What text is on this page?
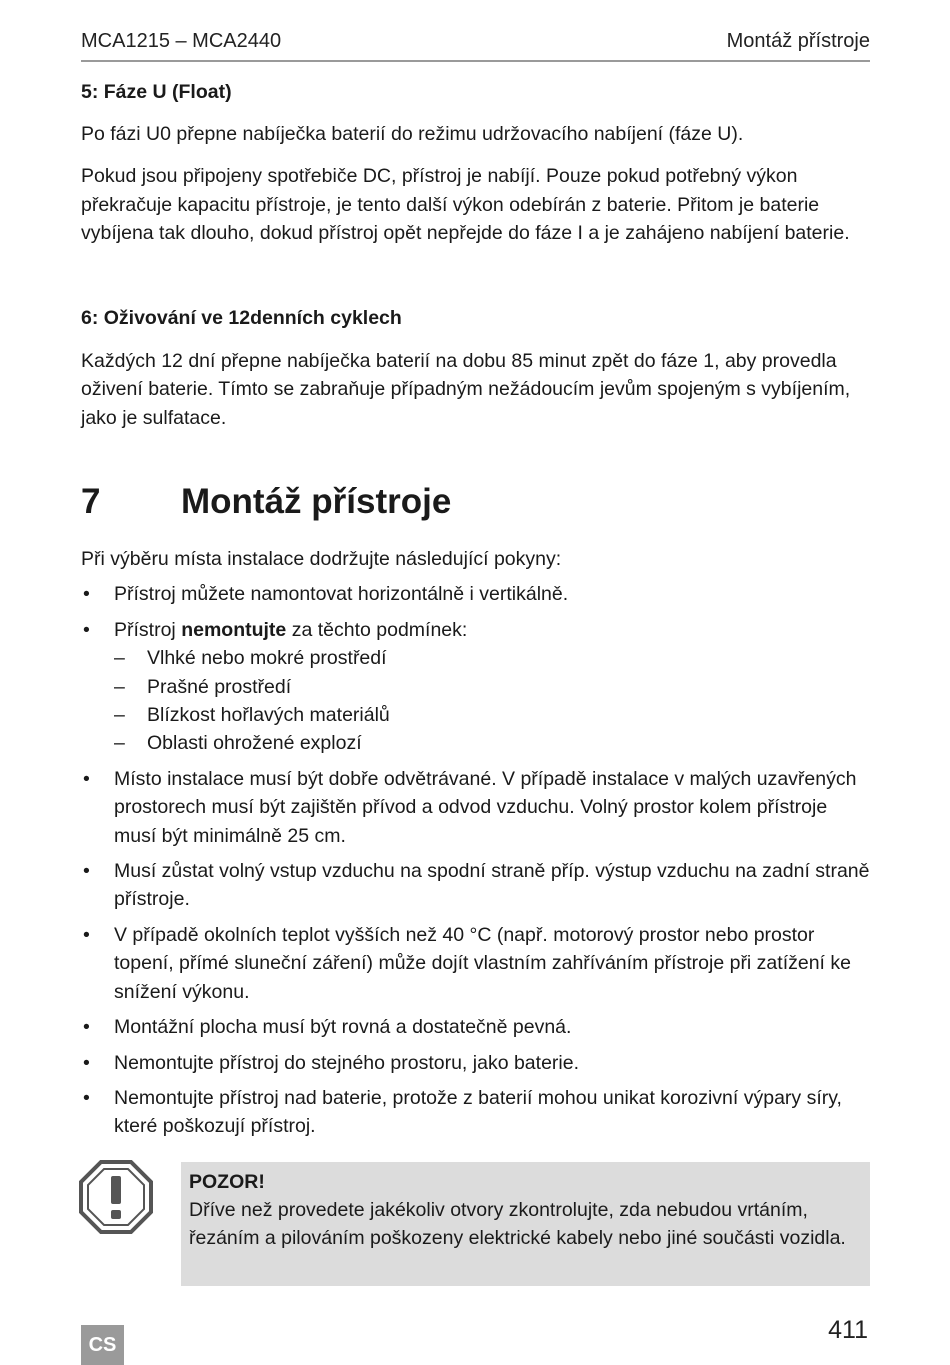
MCA1215 – MCA2440	Montáž přístroje
5: Fáze U (Float)

Po fázi U0 přepne nabíječka baterií do režimu udržovacího nabíjení (fáze U).

Pokud jsou připojeny spotřebiče DC, přístroj je nabíjí. Pouze pokud potřebný výkon překračuje kapacitu přístroje, je tento další výkon odebírán z baterie. Přitom je baterie vybíjena tak dlouho, dokud přístroj opět nepřejde do fáze I a je zahájeno nabíjení baterie.

6: Oživování ve 12denních cyklech

Každých 12 dní přepne nabíječka baterií na dobu 85 minut zpět do fáze 1, aby provedla oživení baterie. Tímto se zabraňuje případným nežádoucím jevům spojeným s vybíjením, jako je sulfatace.

7 Montáž přístroje

Při výběru místa instalace dodržujte následující pokyny:

• Přístroj můžete namontovat horizontálně i vertikálně.
• Přístroj nemontujte za těchto podmínek:
– Vlhké nebo mokré prostředí
– Prašné prostředí
– Blízkost hořlavých materiálů
– Oblasti ohrožené explozí
• Místo instalace musí být dobře odvětrávané. V případě instalace v malých uzavřených prostorech musí být zajištěn přívod a odvod vzduchu. Volný prostor kolem přístroje musí být minimálně 25 cm.
• Musí zůstat volný vstup vzduchu na spodní straně příp. výstup vzduchu na zadní straně přístroje.
• V případě okolních teplot vyšších než 40 °C (např. motorový prostor nebo prostor topení, přímé sluneční záření) může dojít vlastním zahříváním přístroje při zatížení ke snížení výkonu.
• Montážní plocha musí být rovná a dostatečně pevná.
• Nemontujte přístroj do stejného prostoru, jako baterie.
• Nemontujte přístroj nad baterie, protože z baterií mohou unikat korozivní výpary síry, které poškozují přístroj.
POZOR!

Dříve než provedete jakékoliv otvory zkontrolujte, zda nebudou vrtáním, řezáním a pilováním poškozeny elektrické kabely nebo jiné součásti vozidla.

CS
411
